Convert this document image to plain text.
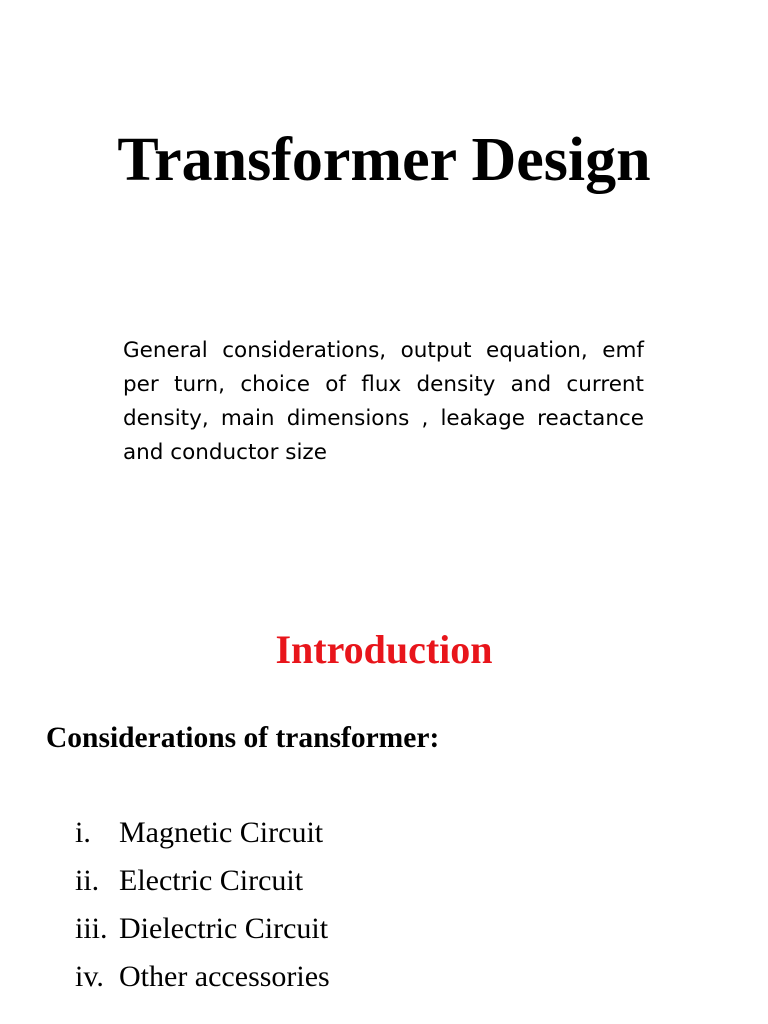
Transformer Design

General considerations, output equation, emf per turn, choice of flux density and current density, main dimensions , leakage reactance and conductor size

Introduction
Considerations of transformer:
i. Magnetic Circuit
ii. Electric Circuit
iii. Dielectric Circuit
iv. Other accessories
